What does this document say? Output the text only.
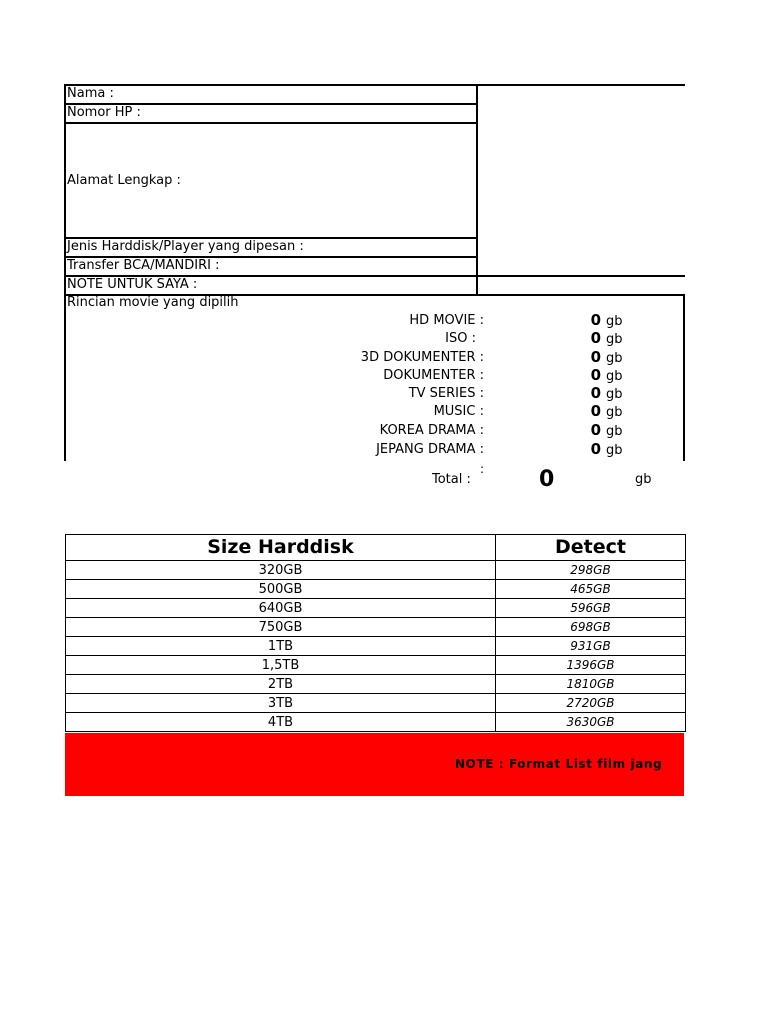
Nama :
Nomor HP :
Alamat Lengkap :
Jenis Harddisk/Player yang dipesan :
Transfer BCA/MANDIRI :
NOTE UNTUK SAYA :
Rincian movie yang dipilih
HD MOVIE :	0 gb
ISO :	0 gb
3D DOKUMENTER :	0 gb
DOKUMENTER :	0 gb
TV SERIES :	0 gb
MUSIC :	0 gb
KOREA DRAMA :	0 gb
JEPANG DRAMA :	0 gb
:
Total :	0	gb
Size Harddisk	Detect
320GB	298GB
500GB	465GB
640GB	596GB
750GB	698GB
1TB	931GB
1,5TB	1396GB
2TB	1810GB
3TB	2720GB
4TB	3630GB
NOTE : Format List film jang
